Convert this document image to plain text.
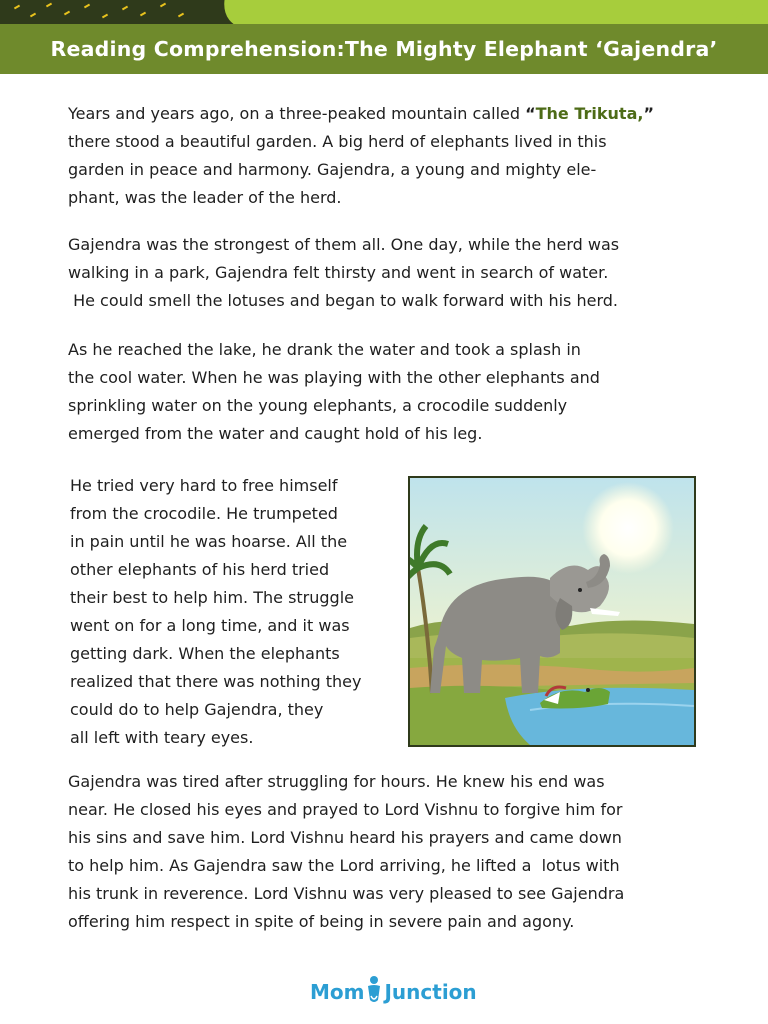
Reading Comprehension:The Mighty Elephant ‘Gajendra’

Years and years ago, on a three-peaked mountain called “The Trikuta,”
there stood a beautiful garden. A big herd of elephants lived in this
garden in peace and harmony. Gajendra, a young and mighty ele-
phant, was the leader of the herd.

Gajendra was the strongest of them all. One day, while the herd was
walking in a park, Gajendra felt thirsty and went in search of water.
He could smell the lotuses and began to walk forward with his herd.

As he reached the lake, he drank the water and took a splash in
the cool water. When he was playing with the other elephants and
sprinkling water on the young elephants, a crocodile suddenly
emerged from the water and caught hold of his leg.

He tried very hard to free himself
from the crocodile. He trumpeted
in pain until he was hoarse. All the
other elephants of his herd tried
their best to help him. The struggle
went on for a long time, and it was
getting dark. When the elephants
realized that there was nothing they
could do to help Gajendra, they
all left with teary eyes.

Gajendra was tired after struggling for hours. He knew his end was
near. He closed his eyes and prayed to Lord Vishnu to forgive him for
his sins and save him. Lord Vishnu heard his prayers and came down
to help him. As Gajendra saw the Lord arriving, he lifted a  lotus with
his trunk in reverence. Lord Vishnu was very pleased to see Gajendra
offering him respect in spite of being in severe pain and agony.

Mom Junction
